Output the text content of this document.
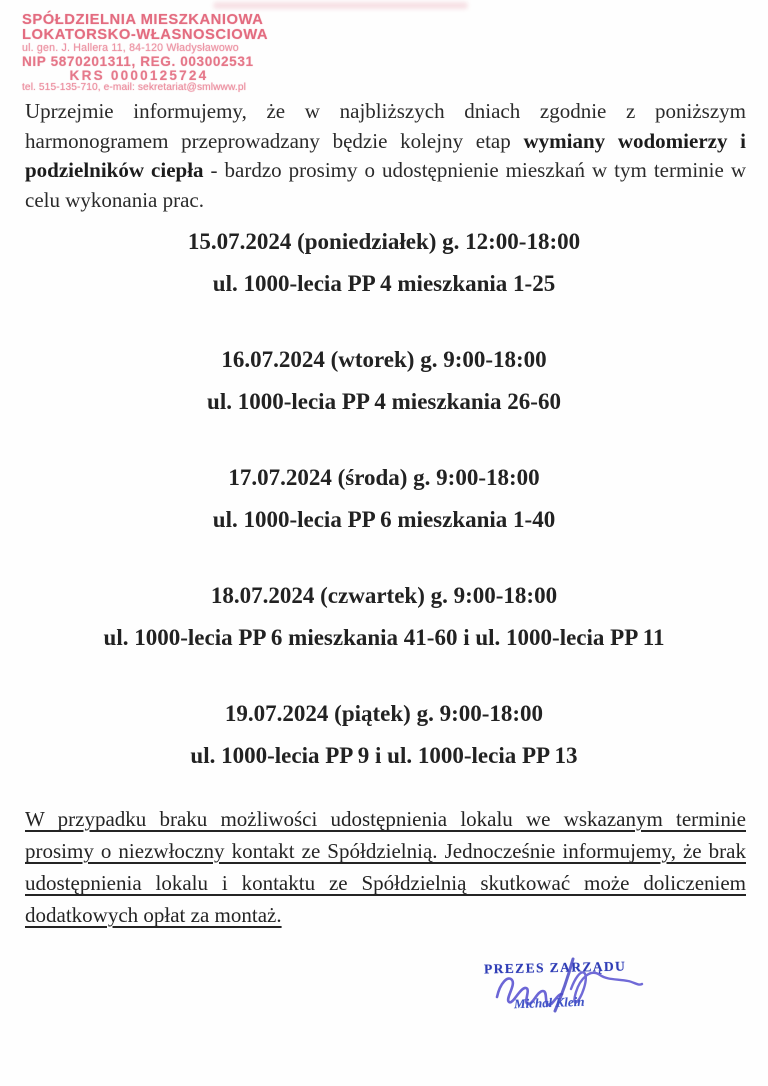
SPÓŁDZIELNIA MIESZKANIOWA
LOKATORSKO-WŁASNOSCIOWA
ul. gen. J. Hallera 11, 84-120 Władysławowo
NIP 5870201311, REG. 003002531
KRS 0000125724
tel. 515-135-710, e-mail: sekretariat@smlwww.pl

Uprzejmie informujemy, że w najbliższych dniach zgodnie z poniższym harmonogramem przeprowadzany będzie kolejny etap wymiany wodomierzy i podzielników ciepła - bardzo prosimy o udostępnienie mieszkań w tym terminie w celu wykonania prac.

15.07.2024 (poniedziałek) g. 12:00-18:00
ul. 1000-lecia PP 4 mieszkania 1-25
16.07.2024 (wtorek) g. 9:00-18:00
ul. 1000-lecia PP 4 mieszkania 26-60
17.07.2024 (środa) g. 9:00-18:00
ul. 1000-lecia PP 6 mieszkania 1-40
18.07.2024 (czwartek) g. 9:00-18:00
ul. 1000-lecia PP 6 mieszkania 41-60 i ul. 1000-lecia PP 11
19.07.2024 (piątek) g. 9:00-18:00
ul. 1000-lecia PP 9 i ul. 1000-lecia PP 13

W przypadku braku możliwości udostępnienia lokalu we wskazanym terminie prosimy o niezwłoczny kontakt ze Spółdzielnią. Jednocześnie informujemy, że brak udostępnienia lokalu i kontaktu ze Spółdzielnią skutkować może doliczeniem dodatkowych opłat za montaż.

PREZES ZARZĄDU
Michał Klein
